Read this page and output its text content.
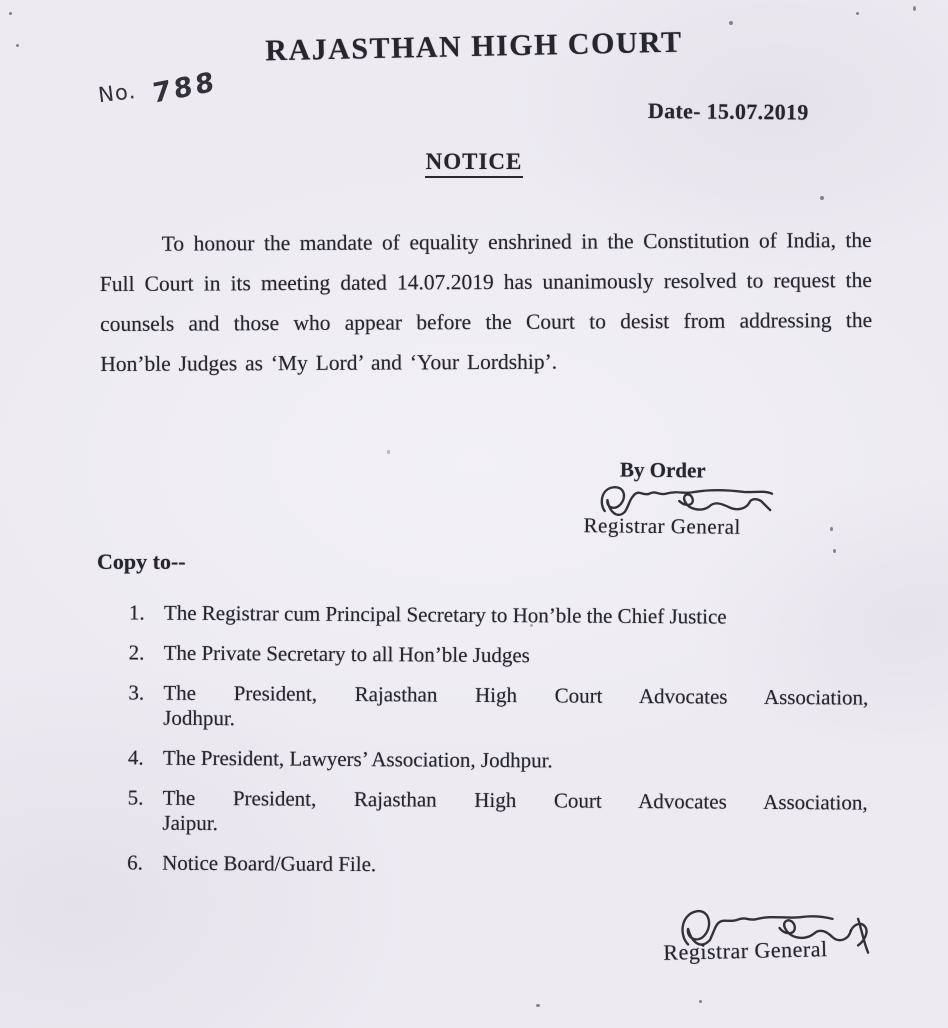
RAJASTHAN HIGH COURT
No. 788
Date- 15.07.2019
NOTICE
To honour the mandate of equality enshrined in the Constitution of India, the Full Court in its meeting dated 14.07.2019 has unanimously resolved to request the counsels and those who appear before the Court to desist from addressing the Hon’ble Judges as ‘My Lord’ and ‘Your Lordship’.
By Order
Registrar General
Copy to--
1. The Registrar cum Principal Secretary to Hon’ble the Chief Justice
2. The Private Secretary to all Hon’ble Judges
3. The President, Rajasthan High Court Advocates Association,
Jodhpur.
4. The President, Lawyers’ Association, Jodhpur.
5. The President, Rajasthan High Court Advocates Association,
Jaipur.
6. Notice Board/Guard File.
Registrar General
